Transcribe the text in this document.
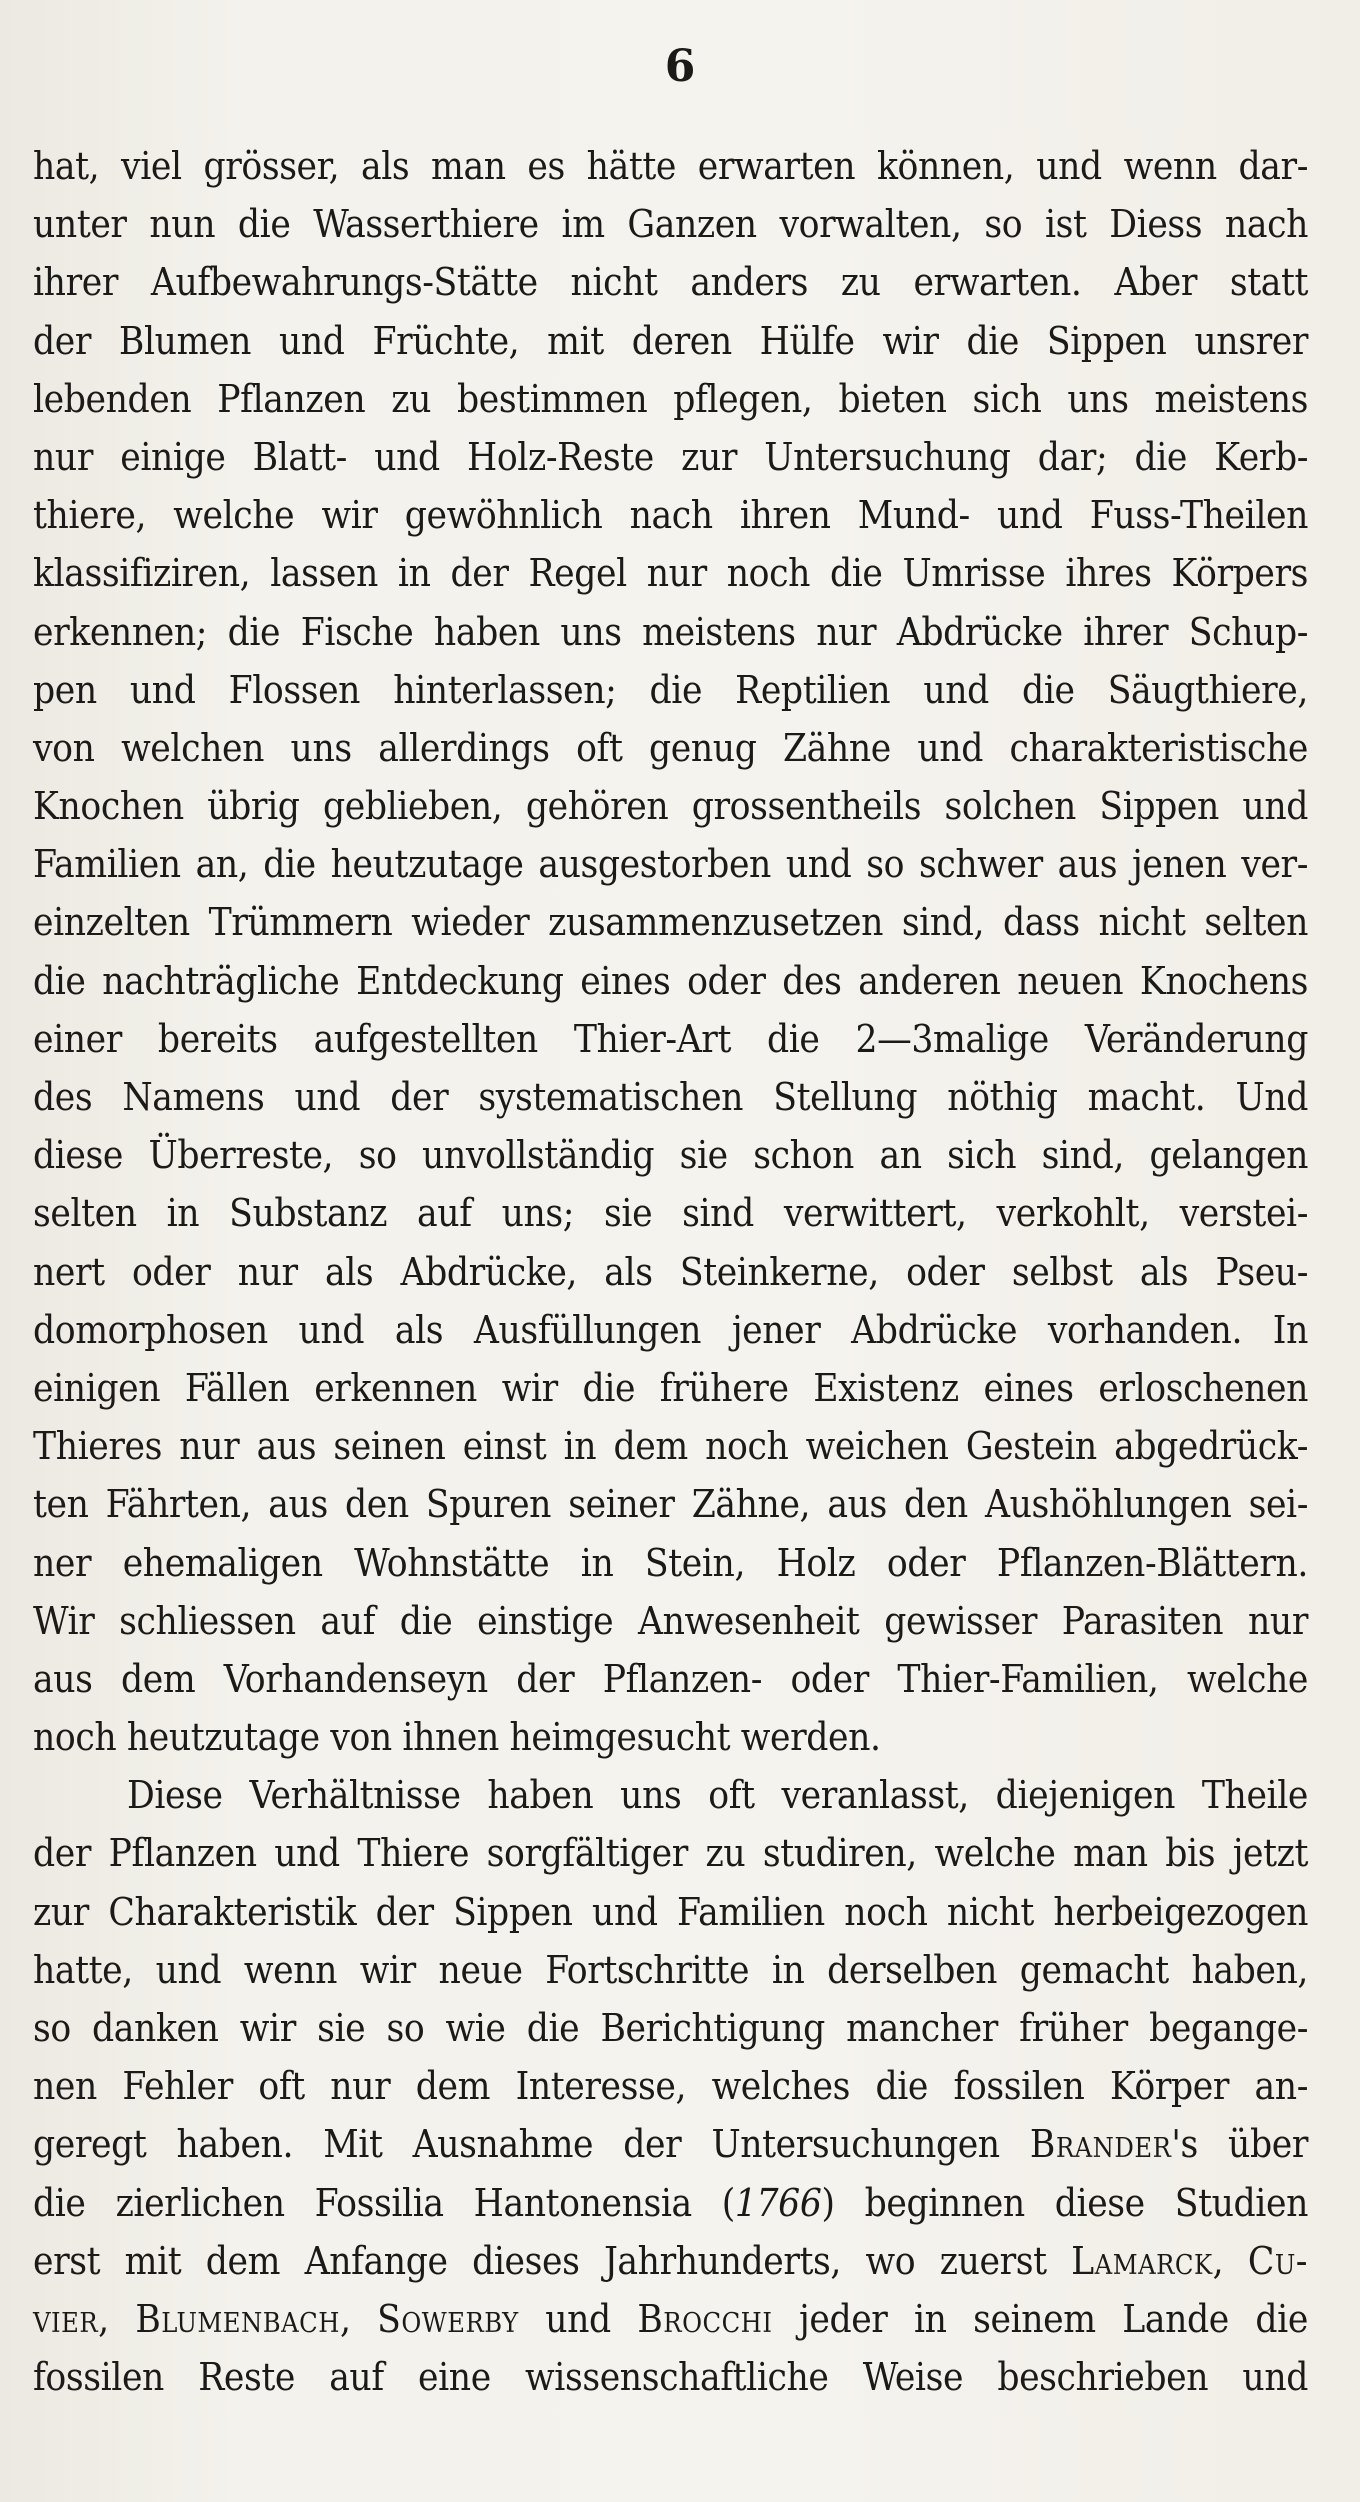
6
hat, viel grösser, als man es hätte erwarten können, und wenn dar-
unter nun die Wasserthiere im Ganzen vorwalten, so ist Diess nach
ihrer Aufbewahrungs-Stätte nicht anders zu erwarten. Aber statt
der Blumen und Früchte, mit deren Hülfe wir die Sippen unsrer
lebenden Pflanzen zu bestimmen pflegen, bieten sich uns meistens
nur einige Blatt- und Holz-Reste zur Untersuchung dar; die Kerb-
thiere, welche wir gewöhnlich nach ihren Mund- und Fuss-Theilen
klassifiziren, lassen in der Regel nur noch die Umrisse ihres Körpers
erkennen; die Fische haben uns meistens nur Abdrücke ihrer Schup-
pen und Flossen hinterlassen; die Reptilien und die Säugthiere,
von welchen uns allerdings oft genug Zähne und charakteristische
Knochen übrig geblieben, gehören grossentheils solchen Sippen und
Familien an, die heutzutage ausgestorben und so schwer aus jenen ver-
einzelten Trümmern wieder zusammenzusetzen sind, dass nicht selten
die nachträgliche Entdeckung eines oder des anderen neuen Knochens
einer bereits aufgestellten Thier-Art die 2—3malige Veränderung
des Namens und der systematischen Stellung nöthig macht. Und
diese Überreste, so unvollständig sie schon an sich sind, gelangen
selten in Substanz auf uns; sie sind verwittert, verkohlt, verstei-
nert oder nur als Abdrücke, als Steinkerne, oder selbst als Pseu-
domorphosen und als Ausfüllungen jener Abdrücke vorhanden. In
einigen Fällen erkennen wir die frühere Existenz eines erloschenen
Thieres nur aus seinen einst in dem noch weichen Gestein abgedrück-
ten Fährten, aus den Spuren seiner Zähne, aus den Aushöhlungen sei-
ner ehemaligen Wohnstätte in Stein, Holz oder Pflanzen-Blättern.
Wir schliessen auf die einstige Anwesenheit gewisser Parasiten nur
aus dem Vorhandenseyn der Pflanzen- oder Thier-Familien, welche
noch heutzutage von ihnen heimgesucht werden.
Diese Verhältnisse haben uns oft veranlasst, diejenigen Theile
der Pflanzen und Thiere sorgfältiger zu studiren, welche man bis jetzt
zur Charakteristik der Sippen und Familien noch nicht herbeigezogen
hatte, und wenn wir neue Fortschritte in derselben gemacht haben,
so danken wir sie so wie die Berichtigung mancher früher begange-
nen Fehler oft nur dem Interesse, welches die fossilen Körper an-
geregt haben. Mit Ausnahme der Untersuchungen Brander's über
die zierlichen Fossilia Hantonensia (1766) beginnen diese Studien
erst mit dem Anfange dieses Jahrhunderts, wo zuerst Lamarck, Cu-
vier, Blumenbach, Sowerby und Brocchi jeder in seinem Lande die
fossilen Reste auf eine wissenschaftliche Weise beschrieben und
